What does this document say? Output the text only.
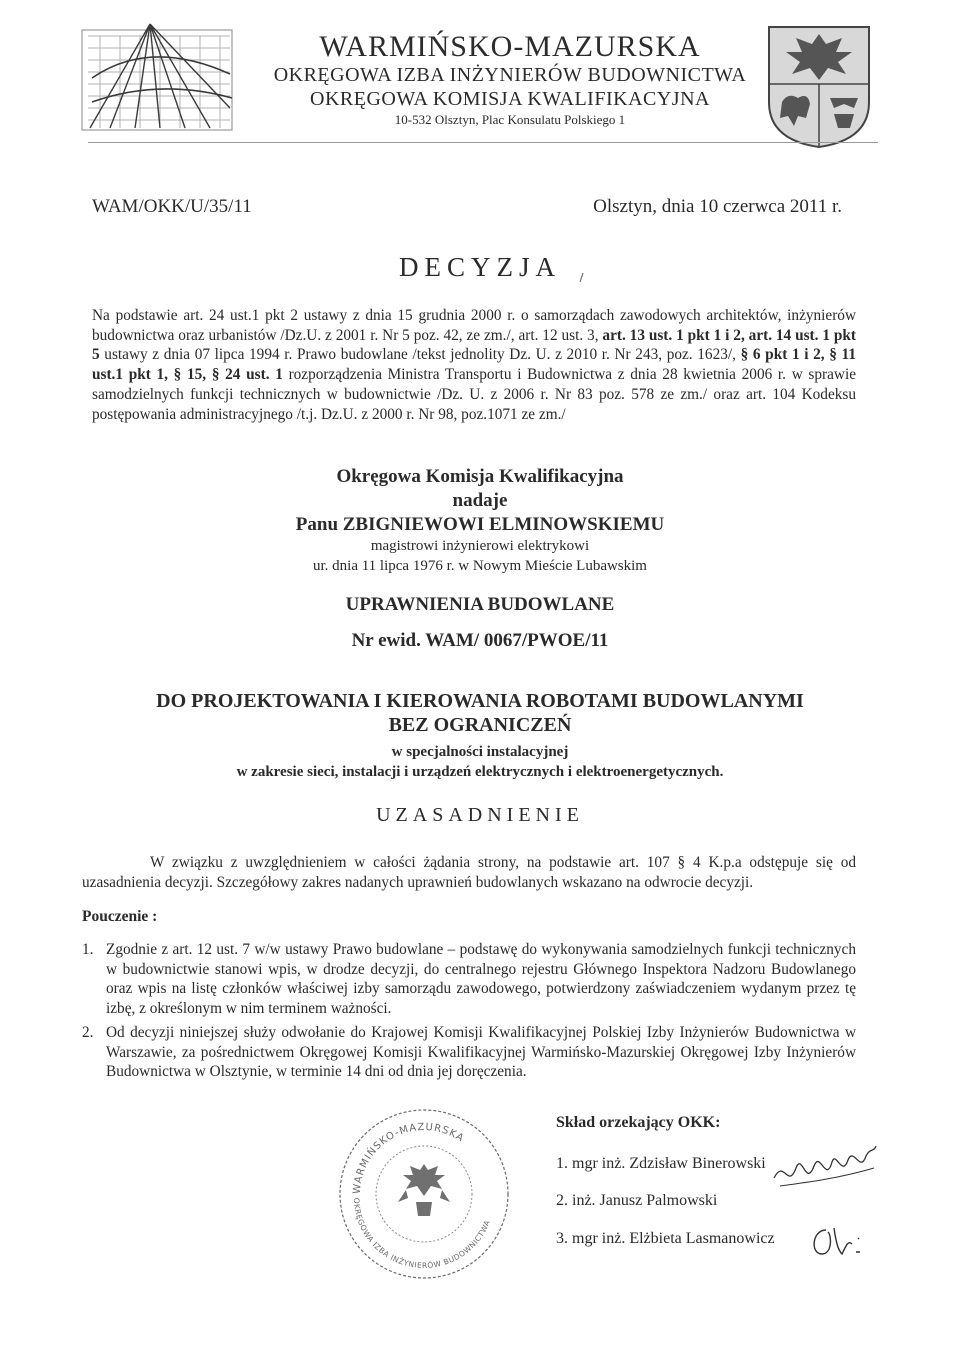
WARMIŃSKO-MAZURSKA
OKRĘGOWA IZBA INŻYNIERÓW BUDOWNICTWA
OKRĘGOWA KOMISJA KWALIFIKACYJNA
10-532 Olsztyn, Plac Konsulatu Polskiego 1
WAM/OKK/U/35/11	Olsztyn, dnia 10 czerwca 2011 r.
DECYZJA
Na podstawie art. 24 ust.1 pkt 2 ustawy z dnia 15 grudnia 2000 r. o samorządach zawodowych architektów, inżynierów budownictwa oraz urbanistów /Dz.U. z 2001 r. Nr 5 poz. 42, ze zm./, art. 12 ust. 3, art. 13 ust. 1 pkt 1 i 2, art. 14 ust. 1 pkt 5 ustawy z dnia 07 lipca 1994 r. Prawo budowlane /tekst jednolity Dz. U. z 2010 r. Nr 243, poz. 1623/, § 6 pkt 1 i 2, § 11 ust.1 pkt 1, § 15, § 24 ust. 1 rozporządzenia Ministra Transportu i Budownictwa z dnia 28 kwietnia 2006 r. w sprawie samodzielnych funkcji technicznych w budownictwie /Dz. U. z 2006 r. Nr 83 poz. 578 ze zm./ oraz art. 104 Kodeksu postępowania administracyjnego /t.j. Dz.U. z 2000 r. Nr 98, poz.1071 ze zm./
Okręgowa Komisja Kwalifikacyjna
nadaje
Panu ZBIGNIEWOWI ELMINOWSKIEMU
magistrowi inżynierowi elektrykowi
ur. dnia 11 lipca 1976 r. w Nowym Mieście Lubawskim
UPRAWNIENIA BUDOWLANE
Nr ewid. WAM/ 0067/PWOE/11
DO PROJEKTOWANIA I KIEROWANIA ROBOTAMI BUDOWLANYMI
BEZ OGRANICZEŃ
w specjalności instalacyjnej
w zakresie sieci, instalacji i urządzeń elektrycznych i elektroenergetycznych.
UZASADNIENIE
W związku z uwzględnieniem w całości żądania strony, na podstawie art. 107 § 4 K.p.a odstępuje się od uzasadnienia decyzji. Szczegółowy zakres nadanych uprawnień budowlanych wskazano na odwrocie decyzji.
Pouczenie :
1. Zgodnie z art. 12 ust. 7 w/w ustawy Prawo budowlane – podstawę do wykonywania samodzielnych funkcji technicznych w budownictwie stanowi wpis, w drodze decyzji, do centralnego rejestru Głównego Inspektora Nadzoru Budowlanego oraz wpis na listę członków właściwej izby samorządu zawodowego, potwierdzony zaświadczeniem wydanym przez tę izbę, z określonym w nim terminem ważności.
2. Od decyzji niniejszej służy odwołanie do Krajowej Komisji Kwalifikacyjnej Polskiej Izby Inżynierów Budownictwa w Warszawie, za pośrednictwem Okręgowej Komisji Kwalifikacyjnej Warmińsko-Mazurskiej Okręgowej Izby Inżynierów Budownictwa w Olsztynie, w terminie 14 dni od dnia jej doręczenia.
WARMIŃSKO-MAZURSKA
OKRĘGOWA IZBA INŻYNIERÓW BUDOWNICTWA
Skład orzekający OKK:
1. mgr inż. Zdzisław Binerowski
2. inż. Janusz Palmowski
3. mgr inż. Elżbieta Lasmanowicz
